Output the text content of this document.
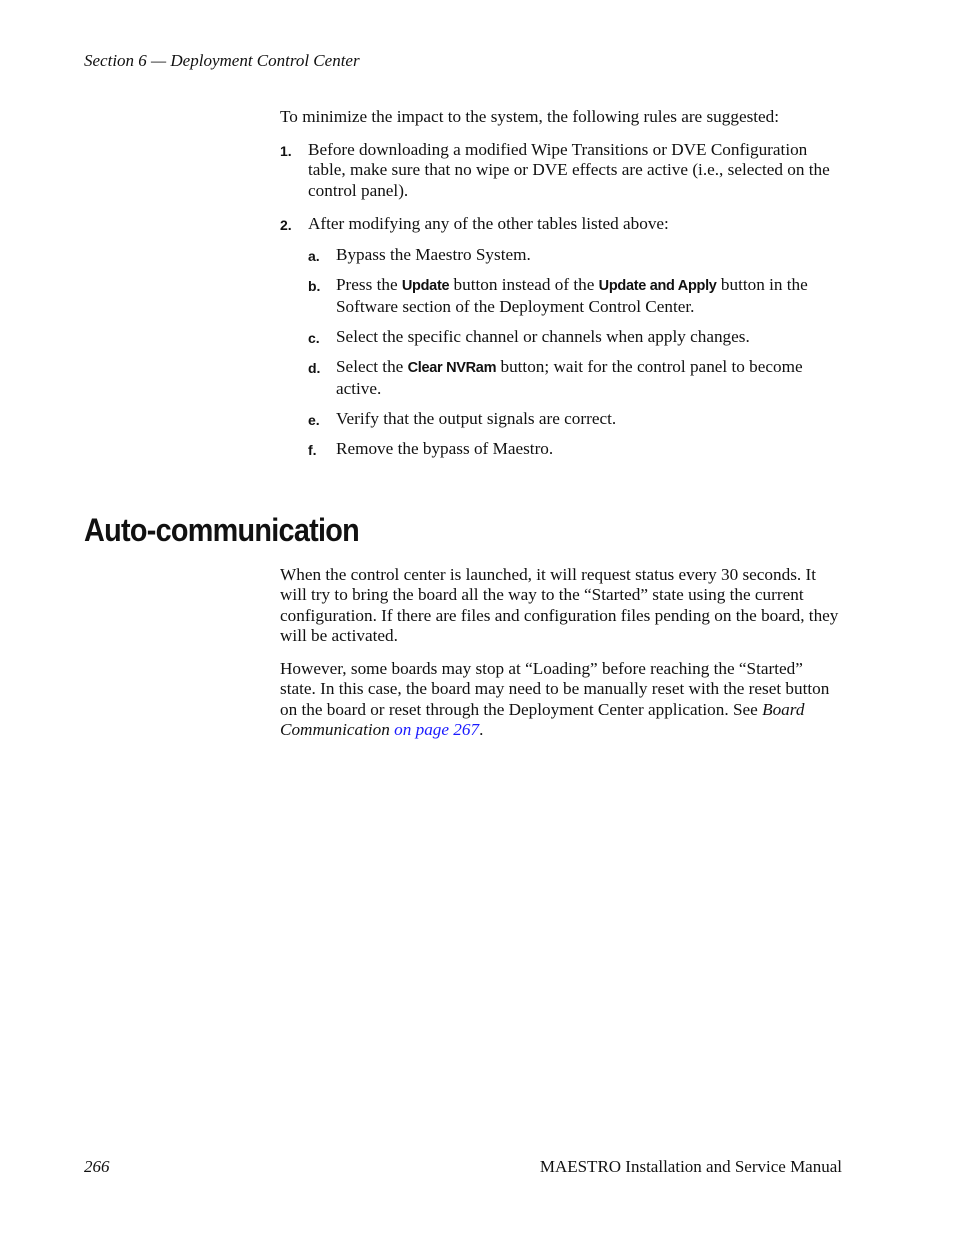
Section 6 — Deployment Control Center

To minimize the impact to the system, the following rules are suggested:

1. Before downloading a modified Wipe Transitions or DVE Configuration table, make sure that no wipe or DVE effects are active (i.e., selected on the control panel).
2. After modifying any of the other tables listed above:
a. Bypass the Maestro System.
b. Press the Update button instead of the Update and Apply button in the Software section of the Deployment Control Center.
c. Select the specific channel or channels when apply changes.
d. Select the Clear NVRam button; wait for the control panel to become active.
e. Verify that the output signals are correct.
f. Remove the bypass of Maestro.
Auto-communication

When the control center is launched, it will request status every 30 seconds. It will try to bring the board all the way to the “Started” state using the current configuration. If there are files and configuration files pending on the board, they will be activated.

However, some boards may stop at “Loading” before reaching the “Started” state. In this case, the board may need to be manually reset with the reset button on the board or reset through the Deployment Center application. See Board Communication on page 267.

266	MAESTRO Installation and Service Manual
